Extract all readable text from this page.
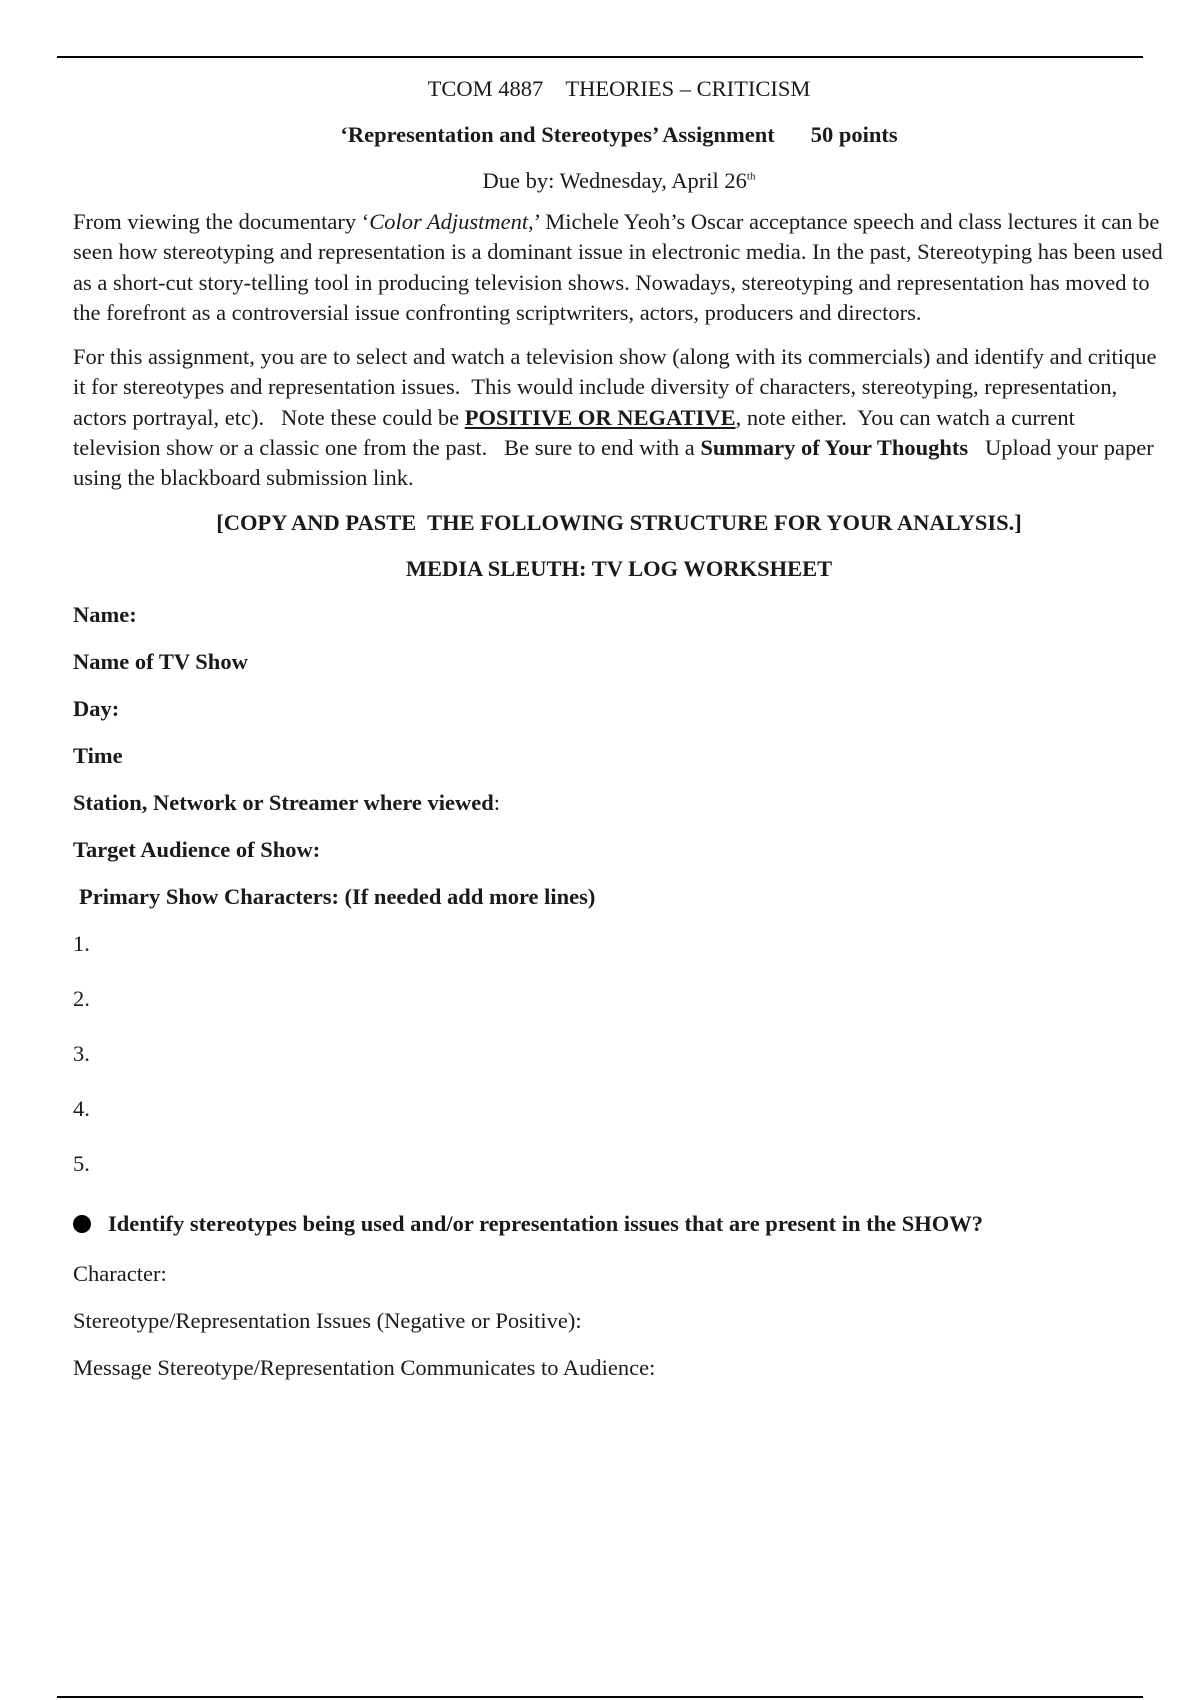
TCOM 4887    THEORIES – CRITICISM

‘Representation and Stereotypes’ Assignment 50 points

Due by: Wednesday, April 26th

From viewing the documentary ‘Color Adjustment,’ Michele Yeoh’s Oscar acceptance speech and class lectures it can be seen how stereotyping and representation is a dominant issue in electronic media. In the past, Stereotyping has been used as a short-cut story-telling tool in producing television shows. Nowadays, stereotyping and representation has moved to the forefront as a controversial issue confronting scriptwriters, actors, producers and directors.

For this assignment, you are to select and watch a television show (along with its commercials) and identify and critique it for stereotypes and representation issues.  This would include diversity of characters, stereotyping, representation, actors portrayal, etc).   Note these could be POSITIVE OR NEGATIVE, note either.  You can watch a current television show or a classic one from the past.   Be sure to end with a Summary of Your Thoughts   Upload your paper using the blackboard submission link.

[COPY AND PASTE  THE FOLLOWING STRUCTURE FOR YOUR ANALYSIS.]

MEDIA SLEUTH: TV LOG WORKSHEET

Name:

Name of TV Show

Day:

Time

Station, Network or Streamer where viewed:

Target Audience of Show:

Primary Show Characters: (If needed add more lines)

1.

2.

3.

4.

5.

Identify stereotypes being used and/or representation issues that are present in the SHOW?

Character:

Stereotype/Representation Issues (Negative or Positive):

Message Stereotype/Representation Communicates to Audience:
